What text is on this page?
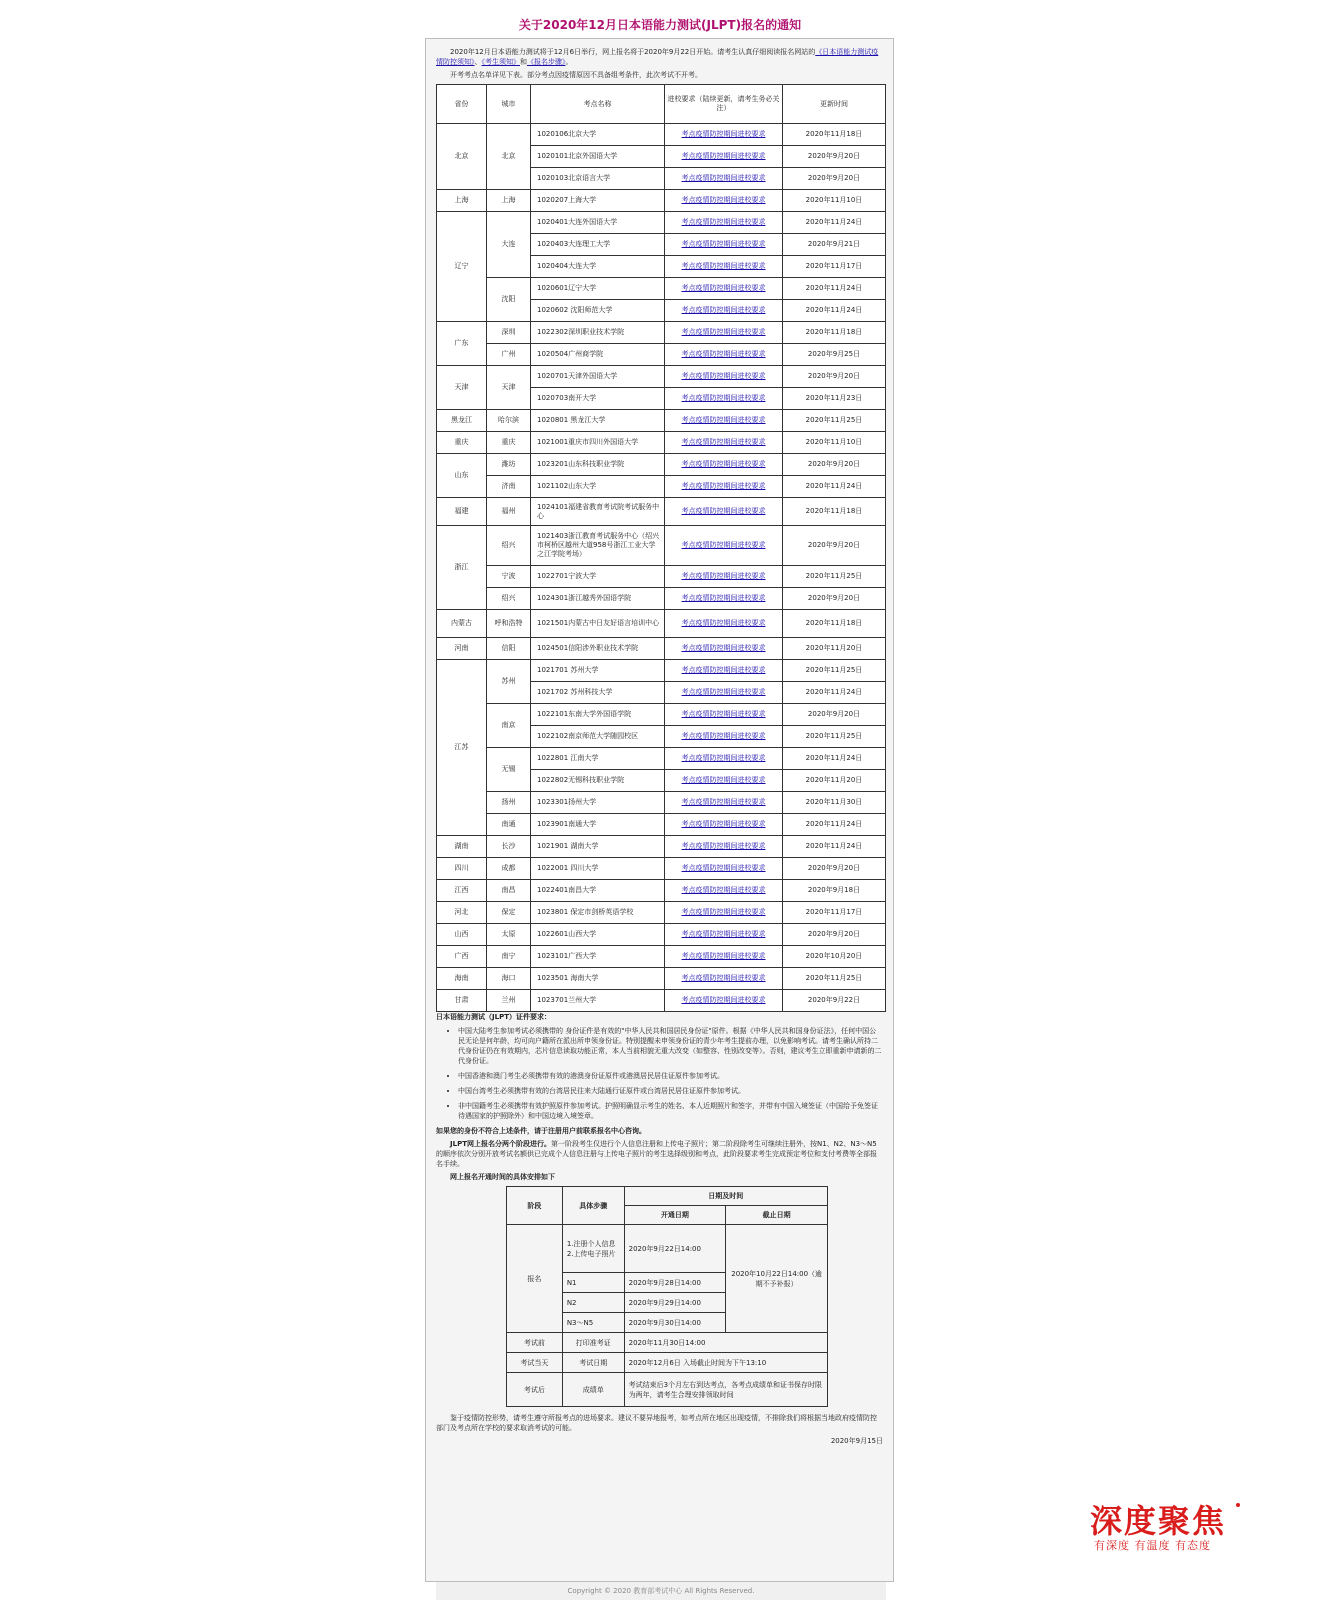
关于2020年12月日本语能力测试(JLPT)报名的通知

2020年12月日本语能力测试将于12月6日举行，网上报名将于2020年9月22日开始。请考生认真仔细阅读报名网站的《日本语能力测试疫情防控须知》、《考生须知》和《报名步骤》。

开考考点名单详见下表。部分考点因疫情原因不具备组考条件，此次考试不开考。

省份	城市	考点名称	进校要求（陆续更新，请考生务必关注）	更新时间
北京	北京	1020106北京大学	考点疫情防控期间进校要求	2020年11月18日
		1020101北京外国语大学	考点疫情防控期间进校要求	2020年9月20日
		1020103北京语言大学	考点疫情防控期间进校要求	2020年9月20日
上海	上海	1020207上海大学	考点疫情防控期间进校要求	2020年11月10日
辽宁	大连	1020401大连外国语大学	考点疫情防控期间进校要求	2020年11月24日
		1020403大连理工大学	考点疫情防控期间进校要求	2020年9月21日
		1020404大连大学	考点疫情防控期间进校要求	2020年11月17日
	沈阳	1020601辽宁大学	考点疫情防控期间进校要求	2020年11月24日
		1020602 沈阳师范大学	考点疫情防控期间进校要求	2020年11月24日
广东	深圳	1022302深圳职业技术学院	考点疫情防控期间进校要求	2020年11月18日
	广州	1020504广州商学院	考点疫情防控期间进校要求	2020年9月25日
天津	天津	1020701天津外国语大学	考点疫情防控期间进校要求	2020年9月20日
		1020703南开大学	考点疫情防控期间进校要求	2020年11月23日
黑龙江	哈尔滨	1020801 黑龙江大学	考点疫情防控期间进校要求	2020年11月25日
重庆	重庆	1021001重庆市四川外国语大学	考点疫情防控期间进校要求	2020年11月10日
山东	潍坊	1023201山东科技职业学院	考点疫情防控期间进校要求	2020年9月20日
	济南	1021102山东大学	考点疫情防控期间进校要求	2020年11月24日
福建	福州	1024101福建省教育考试院考试服务中心	考点疫情防控期间进校要求	2020年11月18日
浙江	绍兴	1021403浙江教育考试服务中心（绍兴市柯桥区越州大道958号浙江工业大学之江学院考场）	考点疫情防控期间进校要求	2020年9月20日
	宁波	1022701宁波大学	考点疫情防控期间进校要求	2020年11月25日
	绍兴	1024301浙江越秀外国语学院	考点疫情防控期间进校要求	2020年9月20日
内蒙古	呼和浩特	1021501内蒙古中日友好语言培训中心	考点疫情防控期间进校要求	2020年11月18日
河南	信阳	1024501信阳涉外职业技术学院	考点疫情防控期间进校要求	2020年11月20日
江苏	苏州	1021701 苏州大学	考点疫情防控期间进校要求	2020年11月25日
		1021702 苏州科技大学	考点疫情防控期间进校要求	2020年11月24日
	南京	1022101东南大学外国语学院	考点疫情防控期间进校要求	2020年9月20日
		1022102南京师范大学随园校区	考点疫情防控期间进校要求	2020年11月25日
	无锡	1022801 江南大学	考点疫情防控期间进校要求	2020年11月24日
		1022802无锡科技职业学院	考点疫情防控期间进校要求	2020年11月20日
	扬州	1023301扬州大学	考点疫情防控期间进校要求	2020年11月30日
	南通	1023901南通大学	考点疫情防控期间进校要求	2020年11月24日
湖南	长沙	1021901 湖南大学	考点疫情防控期间进校要求	2020年11月24日
四川	成都	1022001 四川大学	考点疫情防控期间进校要求	2020年9月20日
江西	南昌	1022401南昌大学	考点疫情防控期间进校要求	2020年9月18日
河北	保定	1023801 保定市剑桥英语学校	考点疫情防控期间进校要求	2020年11月17日
山西	太原	1022601山西大学	考点疫情防控期间进校要求	2020年9月20日
广西	南宁	1023101广西大学	考点疫情防控期间进校要求	2020年10月20日
海南	海口	1023501 海南大学	考点疫情防控期间进校要求	2020年11月25日
甘肃	兰州	1023701兰州大学	考点疫情防控期间进校要求	2020年9月22日

日本语能力测试（JLPT）证件要求：

• 中国大陆考生参加考试必须携带的 身份证件是有效的"中华人民共和国居民身份证"原件。根据《中华人民共和国身份证法》，任何中国公民无论是何年龄，均可向户籍所在派出所申领身份证。特别提醒未申领身份证的青少年考生提前办理，以免影响考试。请考生确认所持二代身份证仍在有效期内，芯片信息读取功能正常，本人当前相貌无重大改变（如整容、性别改变等）。否则，建议考生立即重新申请新的二代身份证。
• 中国香港和澳门考生必须携带有效的港澳身份证原件或港澳居民居住证原件参加考试。
• 中国台湾考生必须携带有效的台湾居民往来大陆通行证原件或台湾居民居住证原件参加考试。
• 非中国籍考生必须携带有效护照原件参加考试。护照明确显示考生的姓名、本人近期照片和签字，并带有中国入境签证（中国给予免签证待遇国家的护照除外）和中国边境入境签章。

如果您的身份不符合上述条件，请于注册用户前联系报名中心咨询。

JLPT网上报名分两个阶段进行。第一阶段考生仅进行个人信息注册和上传电子照片；第二阶段除考生可继续注册外，按N1、N2、N3～N5的顺序依次分别开放考试名额供已完成个人信息注册与上传电子照片的考生选择级别和考点，此阶段要求考生完成预定考位和支付考费等全部报名手续。

网上报名开通时间的具体安排如下

阶段	具体步骤	日期及时间	
		开通日期	截止日期
报名	1.注册个人信息 2.上传电子照片	2020年9月22日14:00	2020年10月22日14:00（逾期不予补报）
	N1	2020年9月28日14:00	
	N2	2020年9月29日14:00	
	N3～N5	2020年9月30日14:00	
考试前	打印准考证	2020年11月30日14:00	
考试当天	考试日期	2020年12月6日 入场截止时间为下午13:10	
考试后	成绩单	考试结束后3个月左右到达考点，各考点成绩单和证书保存时限为两年，请考生合理安排领取时间	

鉴于疫情防控形势，请考生遵守所报考点的进场要求。建议不要异地报考，如考点所在地区出现疫情，不排除我们将根据当地政府疫情防控部门及考点所在学校的要求取消考试的可能。

2020年9月15日

Copyright © 2020 教育部考试中心 All Rights Reserved.
深度聚焦
有深度 有温度 有态度
